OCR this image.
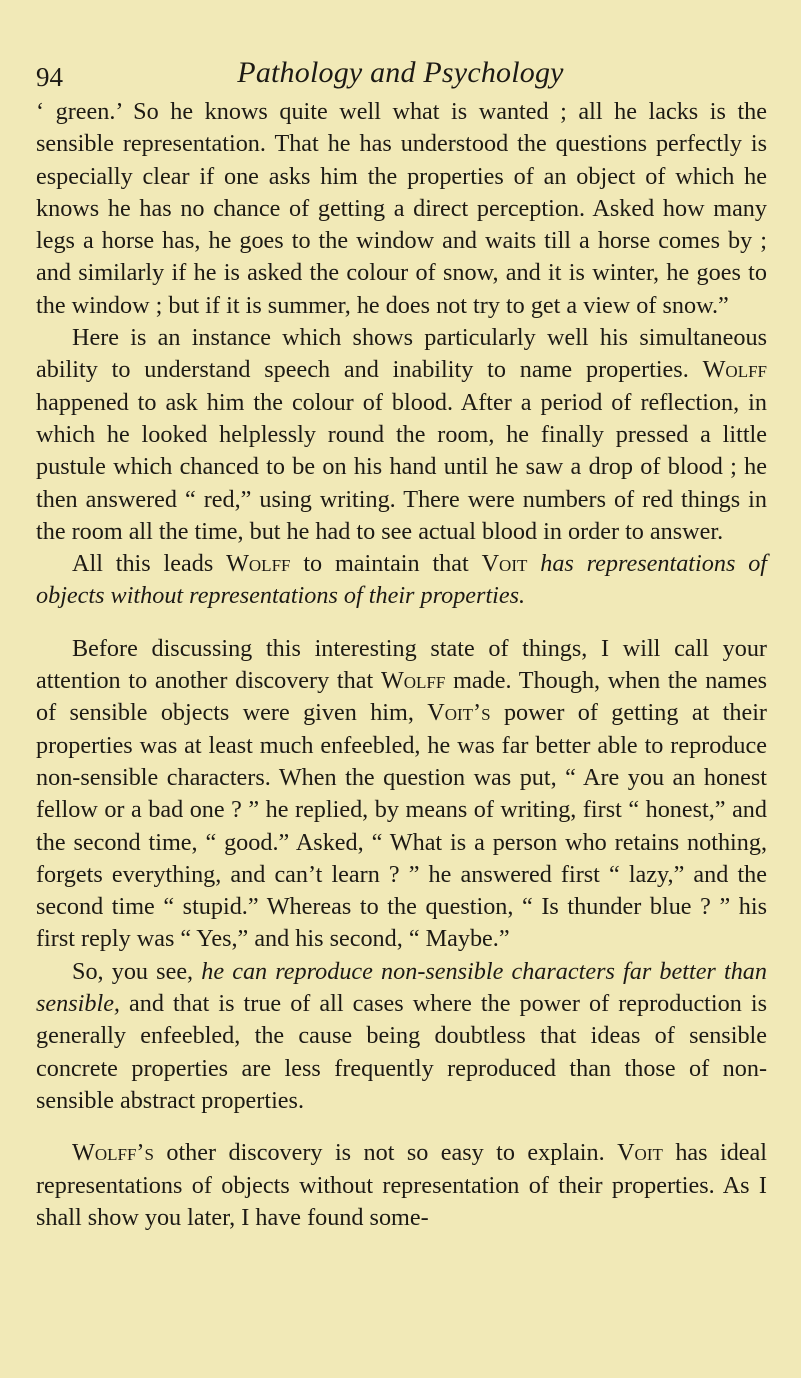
94	Pathology and Psychology

‘ green.’ So he knows quite well what is wanted ; all he lacks is the sensible representation. That he has understood the questions perfectly is especially clear if one asks him the properties of an object of which he knows he has no chance of getting a direct perception. Asked how many legs a horse has, he goes to the window and waits till a horse comes by ; and similarly if he is asked the colour of snow, and it is winter, he goes to the window ; but if it is summer, he does not try to get a view of snow.”

Here is an instance which shows particularly well his simultaneous ability to understand speech and inability to name properties. Wolff happened to ask him the colour of blood. After a period of reflection, in which he looked helplessly round the room, he finally pressed a little pustule which chanced to be on his hand until he saw a drop of blood ; he then answered “ red,” using writing. There were numbers of red things in the room all the time, but he had to see actual blood in order to answer.

All this leads Wolff to maintain that Voit has representations of objects without representations of their properties.

Before discussing this interesting state of things, I will call your attention to another discovery that Wolff made. Though, when the names of sensible objects were given him, Voit’s power of getting at their properties was at least much enfeebled, he was far better able to reproduce non-sensible characters. When the question was put, “ Are you an honest fellow or a bad one ? ” he replied, by means of writing, first “ honest,” and the second time, “ good.” Asked, “ What is a person who retains nothing, forgets everything, and can’t learn ? ” he answered first “ lazy,” and the second time “ stupid.” Whereas to the question, “ Is thunder blue ? ” his first reply was “ Yes,” and his second, “ Maybe.”

So, you see, he can reproduce non-sensible characters far better than sensible, and that is true of all cases where the power of reproduction is generally enfeebled, the cause being doubtless that ideas of sensible concrete properties are less frequently reproduced than those of non-sensible abstract properties.

Wolff’s other discovery is not so easy to explain. Voit has ideal representations of objects without representation of their properties. As I shall show you later, I have found some-
